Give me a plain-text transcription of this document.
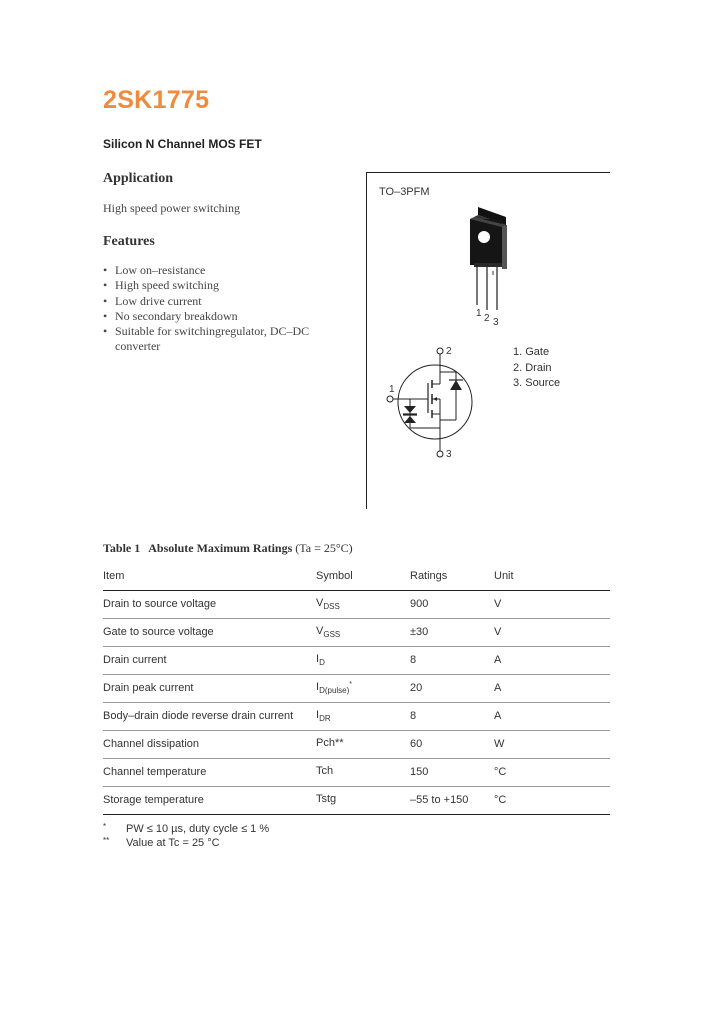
2SK1775
Silicon N Channel MOS FET
Application
High speed power switching
Features
• Low on–resistance
• High speed switching
• Low drive current
• No secondary breakdown
• Suitable for switchingregulator, DC–DC converter
TO–3PFM
1 2 3
2
1
3
1. Gate
2. Drain
3. Source
Table 1 Absolute Maximum Ratings (Ta = 25°C)
Item	Symbol	Ratings	Unit
Drain to source voltage	$V_{DSS}$	900	V
Gate to source voltage	$V_{GSS}$	±30	V
Drain current	$I_D$	8	A
Drain peak current	$I_{D(pulse)}^*$	20	A
Body–drain diode reverse drain current	$I_{DR}$	8	A
Channel dissipation	Pch**	60	W
Channel temperature	Tch	150	°C
Storage temperature	Tstg	–55 to +150	°C
* PW ≤ 10 µs, duty cycle ≤ 1 %
** Value at Tc = 25 °C
